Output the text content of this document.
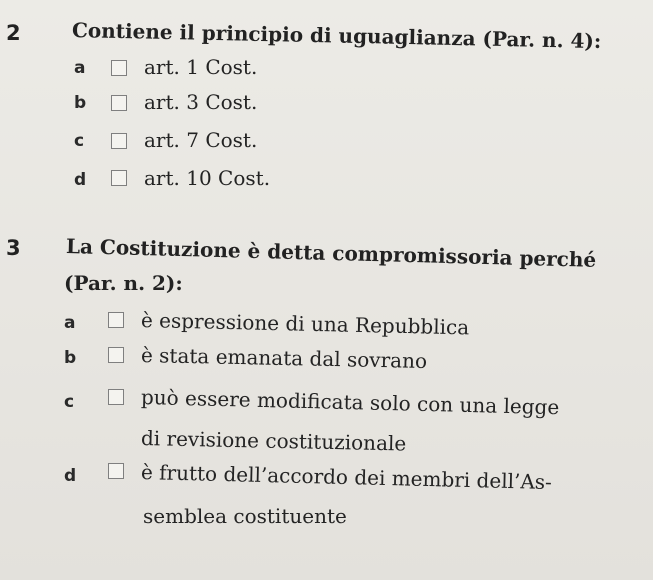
2	Contiene il principio di uguaglianza (Par. n. 4):
a	art. 1 Cost.
b	art. 3 Cost.
c	art. 7 Cost.
d	art. 10 Cost.
3 La Costituzione è detta compromissoria perché
(Par. n. 2):
a	è espressione di una Repubblica
b	è stata emanata dal sovrano
c	può essere modificata solo con una legge
di revisione costituzionale
d	è frutto dell’accordo dei membri dell’As-
semblea costituente
